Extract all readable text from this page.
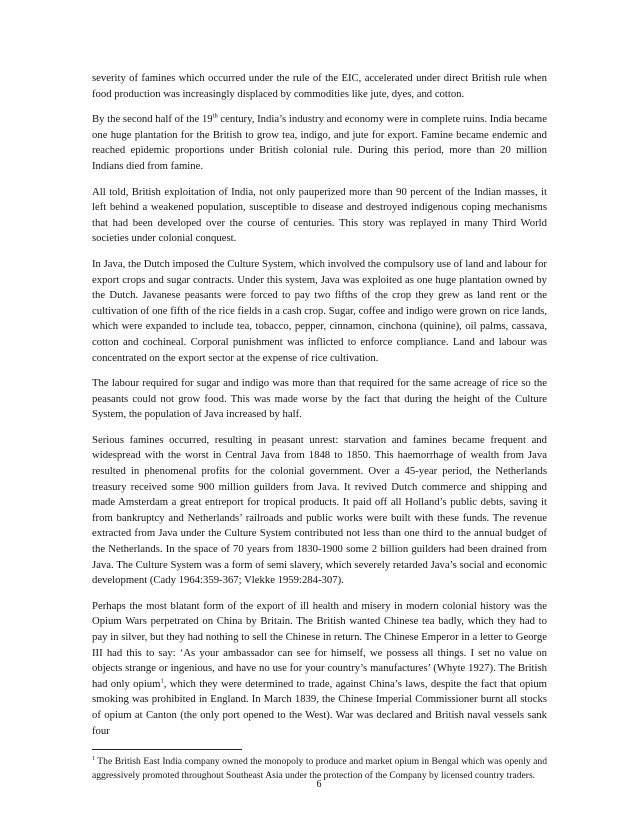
severity of famines which occurred under the rule of the EIC, accelerated under direct British rule when food production was increasingly displaced by commodities like jute, dyes, and cotton.

By the second half of the 19th century, India’s industry and economy were in complete ruins. India became one huge plantation for the British to grow tea, indigo, and jute for export. Famine became endemic and reached epidemic proportions under British colonial rule. During this period, more than 20 million Indians died from famine.

All told, British exploitation of India, not only pauperized more than 90 percent of the Indian masses, it left behind a weakened population, susceptible to disease and destroyed indigenous coping mechanisms that had been developed over the course of centuries. This story was replayed in many Third World societies under colonial conquest.

In Java, the Dutch imposed the Culture System, which involved the compulsory use of land and labour for export crops and sugar contracts. Under this system, Java was exploited as one huge plantation owned by the Dutch. Javanese peasants were forced to pay two fifths of the crop they grew as land rent or the cultivation of one fifth of the rice fields in a cash crop. Sugar, coffee and indigo were grown on rice lands, which were expanded to include tea, tobacco, pepper, cinnamon, cinchona (quinine), oil palms, cassava, cotton and cochineal. Corporal punishment was inflicted to enforce compliance. Land and labour was concentrated on the export sector at the expense of rice cultivation.

The labour required for sugar and indigo was more than that required for the same acreage of rice so the peasants could not grow food. This was made worse by the fact that during the height of the Culture System, the population of Java increased by half.

Serious famines occurred, resulting in peasant unrest: starvation and famines became frequent and widespread with the worst in Central Java from 1848 to 1850. This haemorrhage of wealth from Java resulted in phenomenal profits for the colonial government. Over a 45-year period, the Netherlands treasury received some 900 million guilders from Java. It revived Dutch commerce and shipping and made Amsterdam a great entreport for tropical products. It paid off all Holland’s public debts, saving it from bankruptcy and Netherlands’ railroads and public works were built with these funds. The revenue extracted from Java under the Culture System contributed not less than one third to the annual budget of the Netherlands. In the space of 70 years from 1830-1900 some 2 billion guilders had been drained from Java. The Culture System was a form of semi slavery, which severely retarded Java’s social and economic development (Cady 1964:359-367; Vlekke 1959:284-307).

Perhaps the most blatant form of the export of ill health and misery in modern colonial history was the Opium Wars perpetrated on China by Britain. The British wanted Chinese tea badly, which they had to pay in silver, but they had nothing to sell the Chinese in return. The Chinese Emperor in a letter to George III had this to say: ‘As your ambassador can see for himself, we possess all things. I set no value on objects strange or ingenious, and have no use for your country’s manufactures’ (Whyte 1927). The British had only opium$^1$, which they were determined to trade, against China’s laws, despite the fact that opium smoking was prohibited in England. In March 1839, the Chinese Imperial Commissioner burnt all stocks of opium at Canton (the only port opened to the West). War was declared and British naval vessels sank four

$^1$ The British East India company owned the monopoly to produce and market opium in Bengal which was openly and aggressively promoted throughout Southeast Asia under the protection of the Company by licensed country traders.

6
